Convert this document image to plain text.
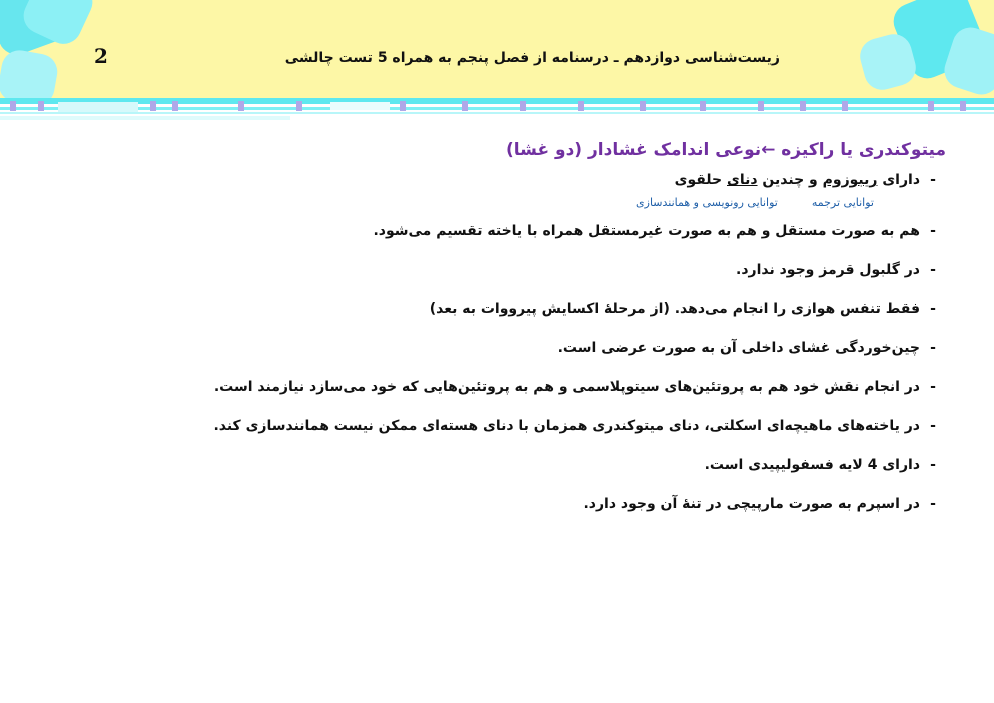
2	زیست‌شناسی دوازدهم ـ درسنامه از فصل پنجم به همراه 5 تست چالشی
میتوکندری یا راکیزه ←نوعی اندامک غشادار (دو غشا)
-
دارای ریبوزوم و چندین دنای حلقوی
توانایی ترجمه
توانایی رونویسی و همانندسازی
-
هم به صورت مستقل و هم به صورت غیرمستقل همراه با یاخته تقسیم می‌شود.
-
در گلبول قرمز وجود ندارد.
-
فقط تنفس هوازی را انجام می‌دهد. (از مرحلهٔ اکسایش پیرووات به بعد)
-
چین‌خوردگی غشای داخلی آن به صورت عرضی است.
-
در انجام نقش خود هم به پروتئین‌های سیتوپلاسمی و هم به پروتئین‌هایی که خود می‌سازد نیازمند است.
-
در یاخته‌های ماهیچه‌ای اسکلتی، دنای میتوکندری همزمان با دنای هسته‌ای ممکن نیست همانندسازی کند.
-
دارای 4 لایه فسفولیپیدی است.
-
در اسپرم به صورت مارپیچی در تنهٔ آن وجود دارد.
